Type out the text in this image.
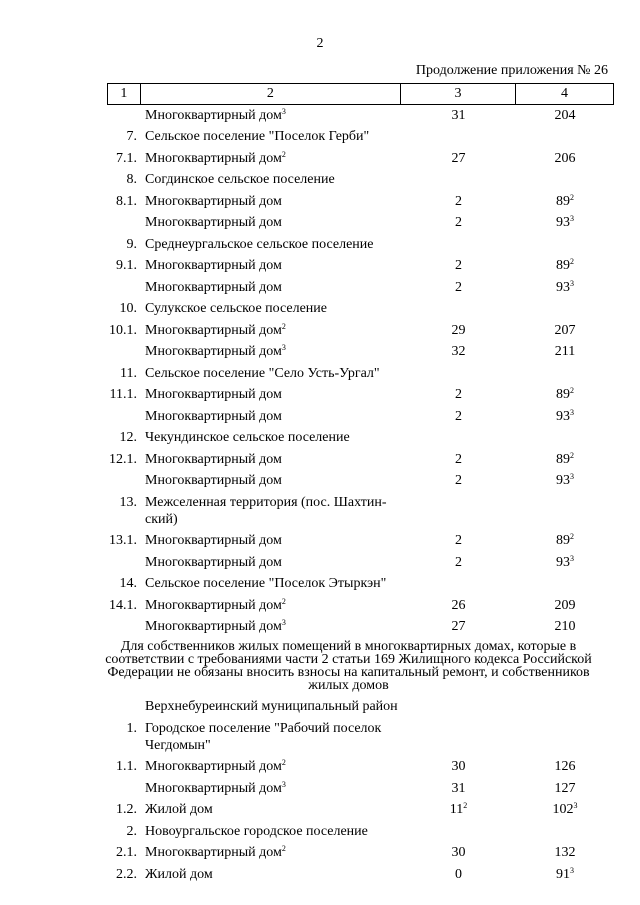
2
Продолжение приложения № 26
1	2	3	4
Многоквартирный дом$^3$	31	204
7. Сельское поселение "Поселок Герби"
7.1. Многоквартирный дом$^2$	27	206
8. Согдинское сельское поселение
8.1. Многоквартирный дом	2	$89^2$
Многоквартирный дом	2	$93^3$
9. Среднеургальское сельское поселение
9.1. Многоквартирный дом	2	$89^2$
Многоквартирный дом	2	$93^3$
10. Сулукское сельское поселение
10.1. Многоквартирный дом$^2$	29	207
Многоквартирный дом$^3$	32	211
11. Сельское поселение "Село Усть-Ургал"
11.1. Многоквартирный дом	2	$89^2$
Многоквартирный дом	2	$93^3$
12. Чекундинское сельское поселение
12.1. Многоквартирный дом	2	$89^2$
Многоквартирный дом	2	$93^3$
13. Межселенная территория (пос. Шахтин-ский)
13.1. Многоквартирный дом	2	$89^2$
Многоквартирный дом	2	$93^3$
14. Сельское поселение "Поселок Этыркэн"
14.1. Многоквартирный дом$^2$	26	209
Многоквартирный дом$^3$	27	210
Для собственников жилых помещений в многоквартирных домах, которые в соответствии с требованиями части 2 статьи 169 Жилищного кодекса Российской Федерации не обязаны вносить взносы на капитальный ремонт, и собственников жилых домов
Верхнебуреинский муниципальный район
1. Городское поселение "Рабочий поселок Чегдомын"
1.1. Многоквартирный дом$^2$	30	126
Многоквартирный дом$^3$	31	127
1.2. Жилой дом	$11^2$	$102^3$
2. Новоургальское городское поселение
2.1. Многоквартирный дом$^2$	30	132
2.2. Жилой дом	0	$91^3$
